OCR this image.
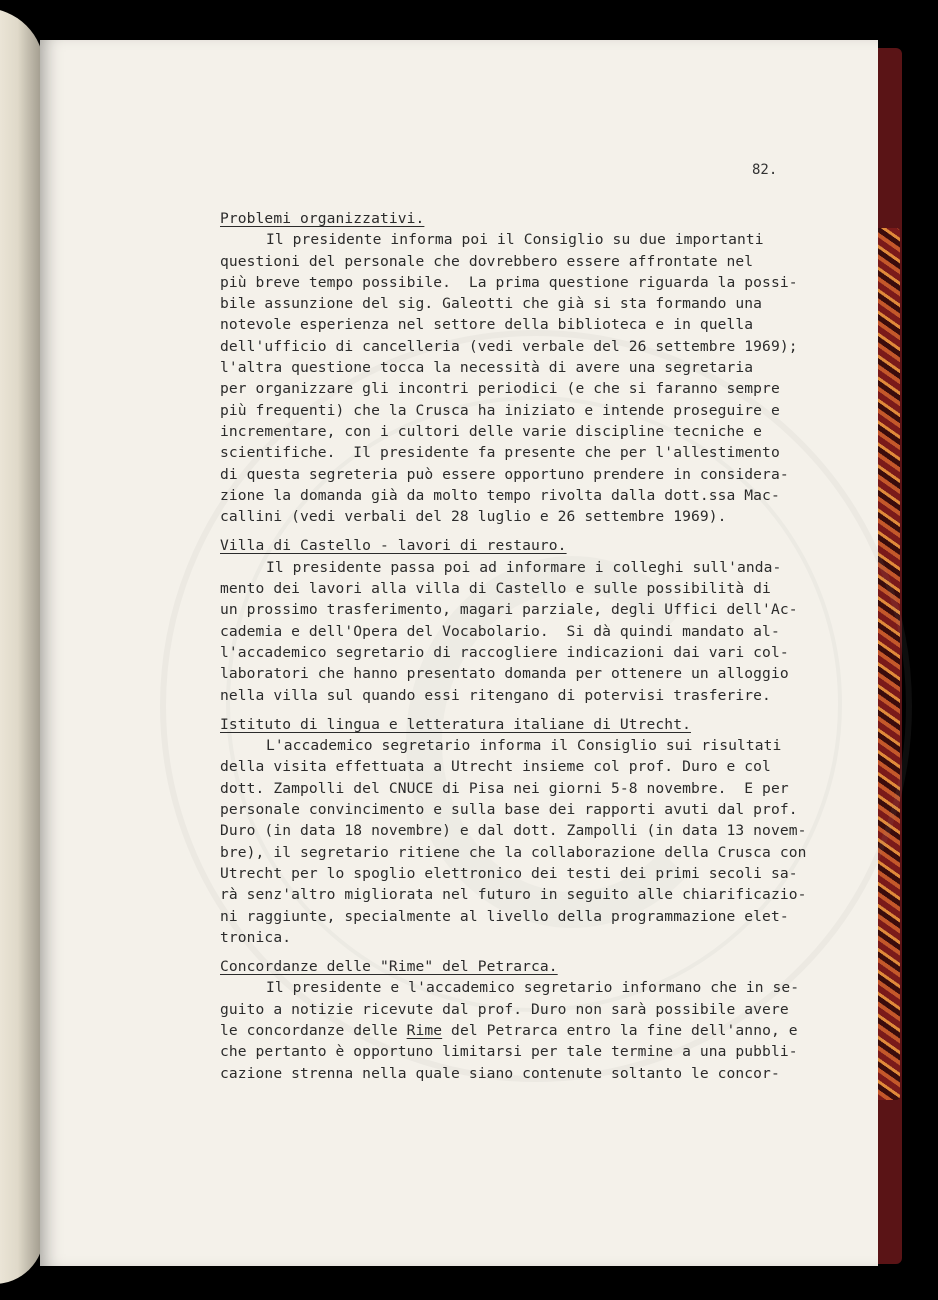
82.
Problemi organizzativi.
Il presidente informa poi il Consiglio su due importanti
questioni del personale che dovrebbero essere affrontate nel
più breve tempo possibile.  La prima questione riguarda la possi-
bile assunzione del sig. Galeotti che già si sta formando una
notevole esperienza nel settore della biblioteca e in quella
dell'ufficio di cancelleria (vedi verbale del 26 settembre 1969);
l'altra questione tocca la necessità di avere una segretaria
per organizzare gli incontri periodici (e che si faranno sempre
più frequenti) che la Crusca ha iniziato e intende proseguire e
incrementare, con i cultori delle varie discipline tecniche e
scientifiche.  Il presidente fa presente che per l'allestimento
di questa segreteria può essere opportuno prendere in considera-
zione la domanda già da molto tempo rivolta dalla dott.ssa Mac-
callini (vedi verbali del 28 luglio e 26 settembre 1969).
Villa di Castello - lavori di restauro.
Il presidente passa poi ad informare i colleghi sull'anda-
mento dei lavori alla villa di Castello e sulle possibilità di
un prossimo trasferimento, magari parziale, degli Uffici dell'Ac-
cademia e dell'Opera del Vocabolario.  Si dà quindi mandato al-
l'accademico segretario di raccogliere indicazioni dai vari col-
laboratori che hanno presentato domanda per ottenere un alloggio
nella villa sul quando essi ritengano di potervisi trasferire.
Istituto di lingua e letteratura italiane di Utrecht.
L'accademico segretario informa il Consiglio sui risultati
della visita effettuata a Utrecht insieme col prof. Duro e col
dott. Zampolli del CNUCE di Pisa nei giorni 5-8 novembre.  E per
personale convincimento e sulla base dei rapporti avuti dal prof.
Duro (in data 18 novembre) e dal dott. Zampolli (in data 13 novem-
bre), il segretario ritiene che la collaborazione della Crusca con
Utrecht per lo spoglio elettronico dei testi dei primi secoli sa-
rà senz'altro migliorata nel futuro in seguito alle chiarificazio-
ni raggiunte, specialmente al livello della programmazione elet-
tronica.
Concordanze delle "Rime" del Petrarca.
Il presidente e l'accademico segretario informano che in se-
guito a notizie ricevute dal prof. Duro non sarà possibile avere
le concordanze delle Rime del Petrarca entro la fine dell'anno, e
che pertanto è opportuno limitarsi per tale termine a una pubbli-
cazione strenna nella quale siano contenute soltanto le concor-
